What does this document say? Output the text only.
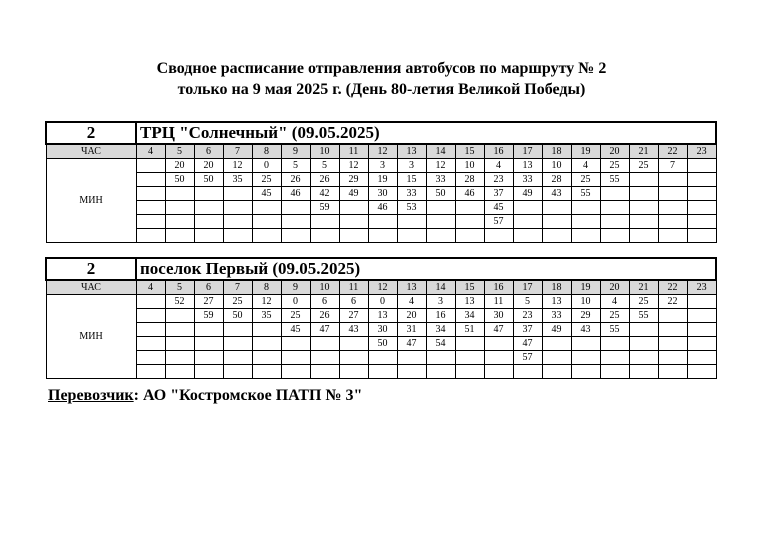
Сводное расписание отправления автобусов по маршруту № 2
только на 9 мая 2025 г. (День 80-летия Великой Победы)
2	ТРЦ "Солнечный" (09.05.2025)																			
ЧАС	4	5	6	7	8	9	10	11	12	13	14	15	16	17	18	19	20	21	22	23
МИН		20	20	12	0	5	5	12	3	3	12	10	4	13	10	4	25	25	7	
		50	50	35	25	26	26	29	19	15	33	28	23	33	28	25	55			
					45	46	42	49	30	33	50	46	37	49	43	55				
							59		46	53			45							
													57							

2	поселок Первый (09.05.2025)																			
ЧАС	4	5	6	7	8	9	10	11	12	13	14	15	16	17	18	19	20	21	22	23
МИН		52	27	25	12	0	6	6	0	4	3	13	11	5	13	10	4	25	22	
			59	50	35	25	26	27	13	20	16	34	30	23	33	29	25	55		
						45	47	43	30	31	34	51	47	37	49	43	55			
									50	47	54			47						
														57						

Перевозчик: АО "Костромское ПАТП № 3"
